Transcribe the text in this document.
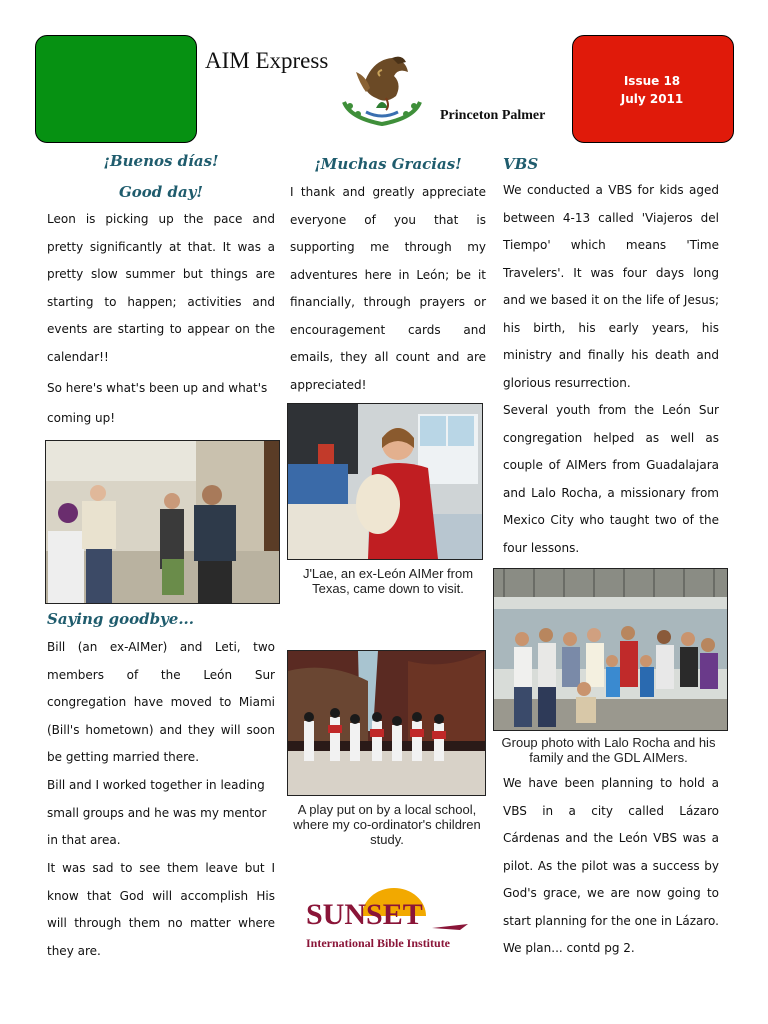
Issue 18
July 2011
AIM Express
Princeton Palmer
¡Buenos días!
Good day!

Leon is picking up the pace and pretty significantly at that. It was a pretty slow summer but things are starting to happen; activities and events are starting to appear on the calendar!!

So here's what's been up and what's coming up!

Saying goodbye...

Bill (an ex-AIMer) and Leti, two members of the León Sur congregation have moved to Miami (Bill's hometown) and they will soon be getting married there.

Bill and I worked together in leading small groups and he was my mentor in that area.

It was sad to see them leave but I know that God will accomplish His will through them no matter where they are.

¡Muchas Gracias!

I thank and greatly appreciate everyone of you that is supporting me through my adventures here in León; be it financially, through prayers or encouragement cards and emails, they all count and are appreciated!

J'Lae, an ex-León AIMer from Texas, came down to visit.
A play put on by a local school, where my co-ordinator's children study.
SUNSET
International Bible Institute
VBS

We conducted a VBS for kids aged between 4-13 called 'Viajeros del Tiempo' which means 'Time Travelers'. It was four days long and we based it on the life of Jesus; his birth, his early years, his ministry and finally his death and glorious resurrection.

Several youth from the León Sur congregation helped as well as couple of AIMers from Guadalajara and Lalo Rocha, a missionary from Mexico City who taught two of the four lessons.

Group photo with Lalo Rocha and his family and the GDL AIMers.

We have been planning to hold a VBS in a city called Lázaro Cárdenas and the León VBS was a pilot. As the pilot was a success by God's grace, we are now going to start planning for the one in Lázaro. We plan... contd pg 2.
